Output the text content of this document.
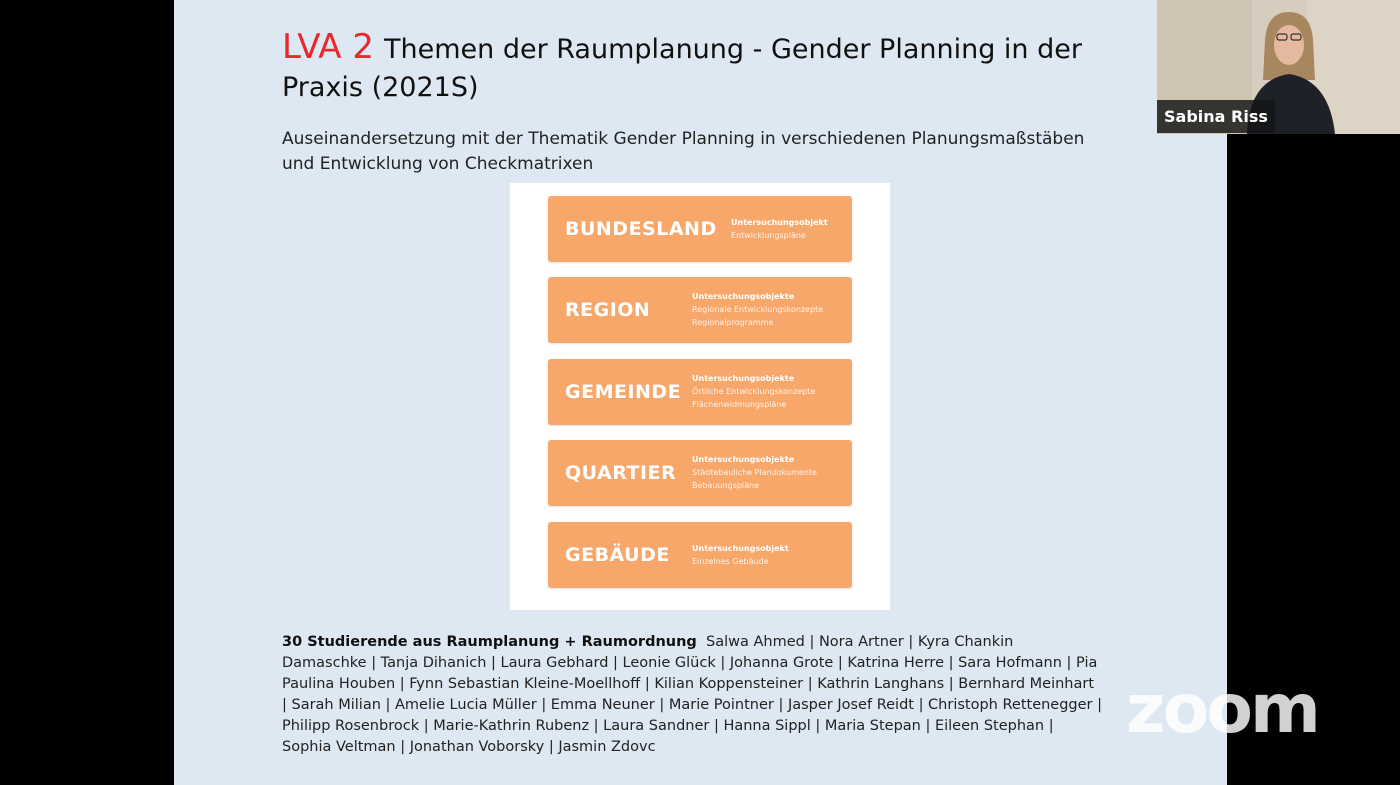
LVA 2 Themen der Raumplanung - Gender Planning in der Praxis (2021S)
Auseinandersetzung mit der Thematik Gender Planning in verschiedenen Planungsmaßstäben und Entwicklung von Checkmatrixen
BUNDESLAND Untersuchungsobjekt
Entwicklungspläne
REGION
Untersuchungsobjekte
Regionale Entwicklungskonzepte
Regionalprogramme
GEMEINDE
Untersuchungsobjekte
Örtliche Entwicklungskonzepte
Flächenwidmungspläne
QUARTIER
Untersuchungsobjekte
Städtebauliche Plandokumente
Bebauungspläne
GEBÄUDE	Untersuchungsobjekt
Einzelnes Gebäude
30 Studierende aus Raumplanung + Raumordnung Salwa Ahmed | Nora Artner | Kyra Chankin Damaschke | Tanja Dihanich | Laura Gebhard | Leonie Glück | Johanna Grote | Katrina Herre | Sara Hofmann | Pia Paulina Houben | Fynn Sebastian Kleine-Moellhoff | Kilian Koppensteiner | Kathrin Langhans | Bernhard Meinhart | Sarah Milian | Amelie Lucia Müller | Emma Neuner | Marie Pointner | Jasper Josef Reidt | Christoph Rettenegger | Philipp Rosenbrock | Marie-Kathrin Rubenz | Laura Sandner | Hanna Sippl | Maria Stepan | Eileen Stephan | Sophia Veltman | Jonathan Voborsky | Jasmin Zdovc
Sabina Riss
zoom
